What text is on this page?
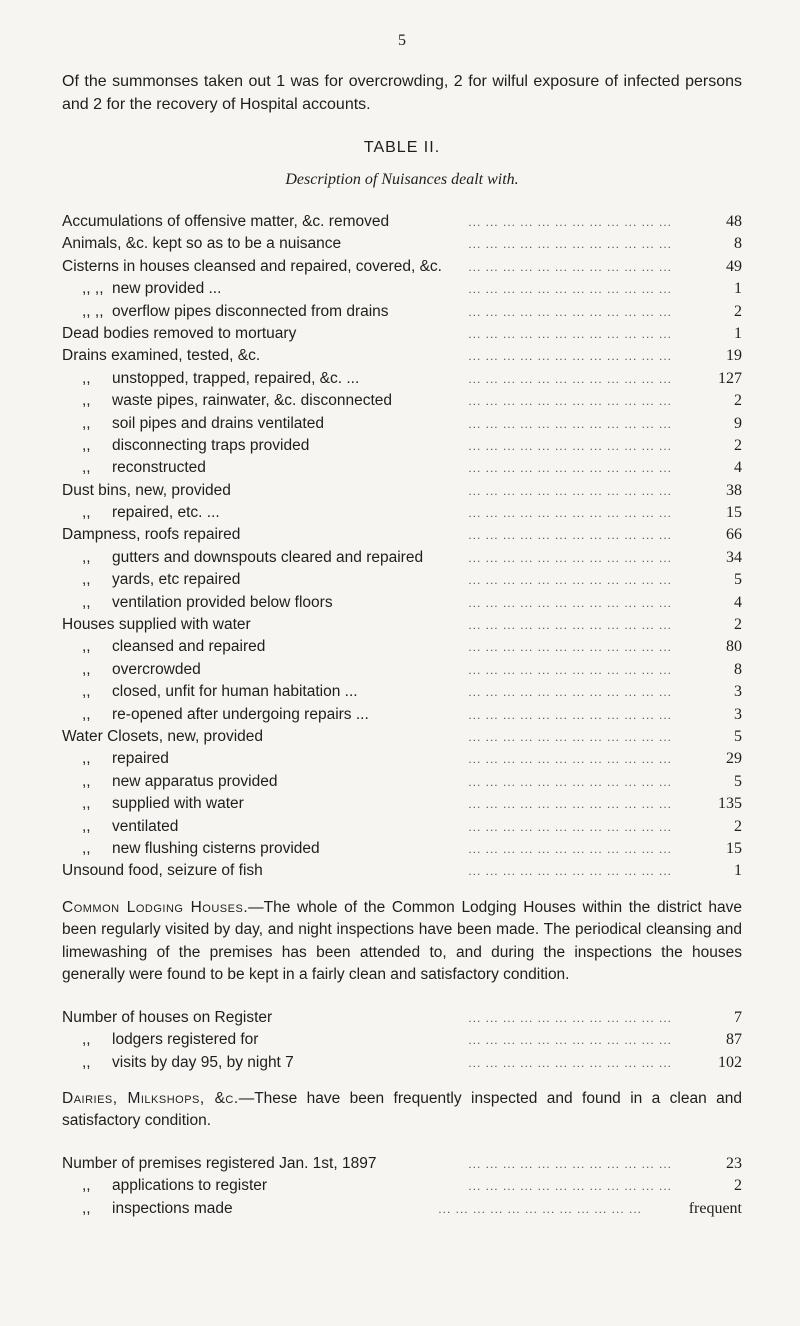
5

Of the summonses taken out 1 was for overcrowding, 2 for wilful exposure of infected persons and 2 for the recovery of Hospital accounts.

TABLE II.
Description of Nuisances dealt with.
Accumulations of offensive matter, &c. removed	... ... ... ... ... ... ... ... ... ... ... ...	48
Animals, &c. kept so as to be a nuisance	... ... ... ... ... ... ... ... ... ... ... ...	8
Cisterns in houses cleansed and repaired, covered, &c.	... ... ... ... ... ... ... ... ... ... ... ...	49
,, ,, new provided ...	... ... ... ... ... ... ... ... ... ... ... ...	1
,, ,, overflow pipes disconnected from drains	... ... ... ... ... ... ... ... ... ... ... ...	2
Dead bodies removed to mortuary	... ... ... ... ... ... ... ... ... ... ... ...	1
Drains examined, tested, &c.	... ... ... ... ... ... ... ... ... ... ... ...	19
,, unstopped, trapped, repaired, &c. ...	... ... ... ... ... ... ... ... ... ... ... ...	127
,, waste pipes, rainwater, &c. disconnected	... ... ... ... ... ... ... ... ... ... ... ...	2
,, soil pipes and drains ventilated	... ... ... ... ... ... ... ... ... ... ... ...	9
,, disconnecting traps provided	... ... ... ... ... ... ... ... ... ... ... ...	2
,, reconstructed	... ... ... ... ... ... ... ... ... ... ... ...	4
Dust bins, new, provided	... ... ... ... ... ... ... ... ... ... ... ...	38
,, repaired, etc. ...	... ... ... ... ... ... ... ... ... ... ... ...	15
Dampness, roofs repaired	... ... ... ... ... ... ... ... ... ... ... ...	66
,, gutters and downspouts cleared and repaired	... ... ... ... ... ... ... ... ... ... ... ...	34
,, yards, etc repaired	... ... ... ... ... ... ... ... ... ... ... ...	5
,, ventilation provided below floors	... ... ... ... ... ... ... ... ... ... ... ...	4
Houses supplied with water	... ... ... ... ... ... ... ... ... ... ... ...	2
,, cleansed and repaired	... ... ... ... ... ... ... ... ... ... ... ...	80
,, overcrowded	... ... ... ... ... ... ... ... ... ... ... ...	8
,, closed, unfit for human habitation ...	... ... ... ... ... ... ... ... ... ... ... ...	3
,, re-opened after undergoing repairs ...	... ... ... ... ... ... ... ... ... ... ... ...	3
Water Closets, new, provided	... ... ... ... ... ... ... ... ... ... ... ...	5
,, repaired	... ... ... ... ... ... ... ... ... ... ... ...	29
,, new apparatus provided	... ... ... ... ... ... ... ... ... ... ... ...	5
,, supplied with water	... ... ... ... ... ... ... ... ... ... ... ...	135
,, ventilated	... ... ... ... ... ... ... ... ... ... ... ...	2
,, new flushing cisterns provided	... ... ... ... ... ... ... ... ... ... ... ...	15
Unsound food, seizure of fish	... ... ... ... ... ... ... ... ... ... ... ...	1

Common Lodging Houses.—The whole of the Common Lodging Houses within the district have been regularly visited by day, and night inspections have been made. The periodical cleansing and limewashing of the premises has been attended to, and during the inspections the houses generally were found to be kept in a fairly clean and satisfactory condition.

Number of houses on Register	... ... ... ... ... ... ... ... ... ... ... ...	7
,, lodgers registered for	... ... ... ... ... ... ... ... ... ... ... ...	87
,, visits by day 95, by night 7	... ... ... ... ... ... ... ... ... ... ... ...	102

Dairies, Milkshops, &c.—These have been frequently inspected and found in a clean and satisfactory condition.

Number of premises registered Jan. 1st, 1897	... ... ... ... ... ... ... ... ... ... ... ...	23
,, applications to register	... ... ... ... ... ... ... ... ... ... ... ...	2
,, inspections made	... ... ... ... ... ... ... ... ... ... ... ...	frequent
